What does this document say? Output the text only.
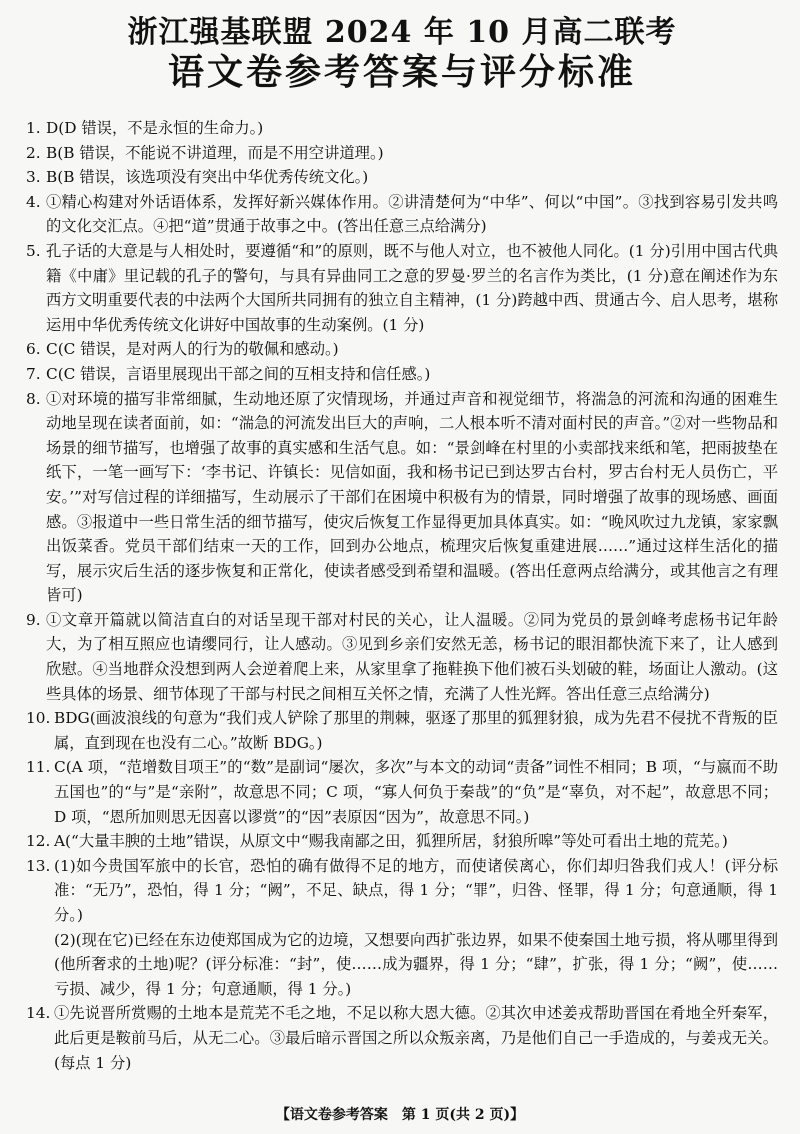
浙江强基联盟 2024 年 10 月高二联考
语文卷参考答案与评分标准
1. D(D 错误，不是永恒的生命力。)
2. B(B 错误，不能说不讲道理，而是不用空讲道理。)
3. B(B 错误，该选项没有突出中华优秀传统文化。)
4. ①精心构建对外话语体系，发挥好新兴媒体作用。②讲清楚何为“中华”、何以“中国”。③找到容易引发共鸣的文化交汇点。④把“道”贯通于故事之中。(答出任意三点给满分)
5. 孔子话的大意是与人相处时，要遵循“和”的原则，既不与他人对立，也不被他人同化。(1 分)引用中国古代典籍《中庸》里记载的孔子的警句，与具有异曲同工之意的罗曼·罗兰的名言作为类比，(1 分)意在阐述作为东西方文明重要代表的中法两个大国所共同拥有的独立自主精神，(1 分)跨越中西、贯通古今、启人思考，堪称运用中华优秀传统文化讲好中国故事的生动案例。(1 分)
6. C(C 错误，是对两人的行为的敬佩和感动。)
7. C(C 错误，言语里展现出干部之间的互相支持和信任感。)
8. ①对环境的描写非常细腻，生动地还原了灾情现场，并通过声音和视觉细节，将湍急的河流和沟通的困难生动地呈现在读者面前，如：“湍急的河流发出巨大的声响，二人根本听不清对面村民的声音。”②对一些物品和场景的细节描写，也增强了故事的真实感和生活气息。如：“景剑峰在村里的小卖部找来纸和笔，把雨披垫在纸下，一笔一画写下：‘李书记、许镇长：见信如面，我和杨书记已到达罗古台村，罗古台村无人员伤亡，平安。’”对写信过程的详细描写，生动展示了干部们在困境中积极有为的情景，同时增强了故事的现场感、画面感。③报道中一些日常生活的细节描写，使灾后恢复工作显得更加具体真实。如：“晚风吹过九龙镇，家家飘出饭菜香。党员干部们结束一天的工作，回到办公地点，梳理灾后恢复重建进展……”通过这样生活化的描写，展示灾后生活的逐步恢复和正常化，使读者感受到希望和温暖。(答出任意两点给满分，或其他言之有理皆可)
9. ①文章开篇就以简洁直白的对话呈现干部对村民的关心，让人温暖。②同为党员的景剑峰考虑杨书记年龄大，为了相互照应也请缨同行，让人感动。③见到乡亲们安然无恙，杨书记的眼泪都快流下来了，让人感到欣慰。④当地群众没想到两人会逆着爬上来，从家里拿了拖鞋换下他们被石头划破的鞋，场面让人激动。(这些具体的场景、细节体现了干部与村民之间相互关怀之情，充满了人性光辉。答出任意三点给满分)
10. BDG(画波浪线的句意为“我们戎人铲除了那里的荆棘，驱逐了那里的狐狸豺狼，成为先君不侵扰不背叛的臣属，直到现在也没有二心。”故断 BDG。)
11. C(A 项，“范增数目项王”的“数”是副词“屡次，多次”与本文的动词“责备”词性不相同；B 项，“与嬴而不助五国也”的“与”是“亲附”，故意思不同；C 项，“寡人何负于秦哉”的“负”是“辜负，对不起”，故意思不同；D 项，“恩所加则思无因喜以谬赏”的“因”表原因“因为”，故意思不同。)
12. A(“大量丰腴的土地”错误，从原文中“赐我南鄙之田，狐狸所居，豺狼所嗥”等处可看出土地的荒芜。)
13. (1)如今贵国军旅中的长官，恐怕的确有做得不足的地方，而使诸侯离心，你们却归咎我们戎人！(评分标准：“无乃”，恐怕，得 1 分；“阙”，不足、缺点，得 1 分；“罪”，归咎、怪罪，得 1 分；句意通顺，得 1 分。)
(2)(现在它)已经在东边使郑国成为它的边境，又想要向西扩张边界，如果不使秦国土地亏损，将从哪里得到(他所奢求的土地)呢？(评分标准：“封”，使……成为疆界，得 1 分；“肆”，扩张，得 1 分；“阙”，使……亏损、减少，得 1 分；句意通顺，得 1 分。)
14. ①先说晋所赏赐的土地本是荒芜不毛之地，不足以称大恩大德。②其次申述姜戎帮助晋国在肴地全歼秦军，此后更是鞍前马后，从无二心。③最后暗示晋国之所以众叛亲离，乃是他们自己一手造成的，与姜戎无关。(每点 1 分)
【语文卷参考答案　第 1 页(共 2 页)】
